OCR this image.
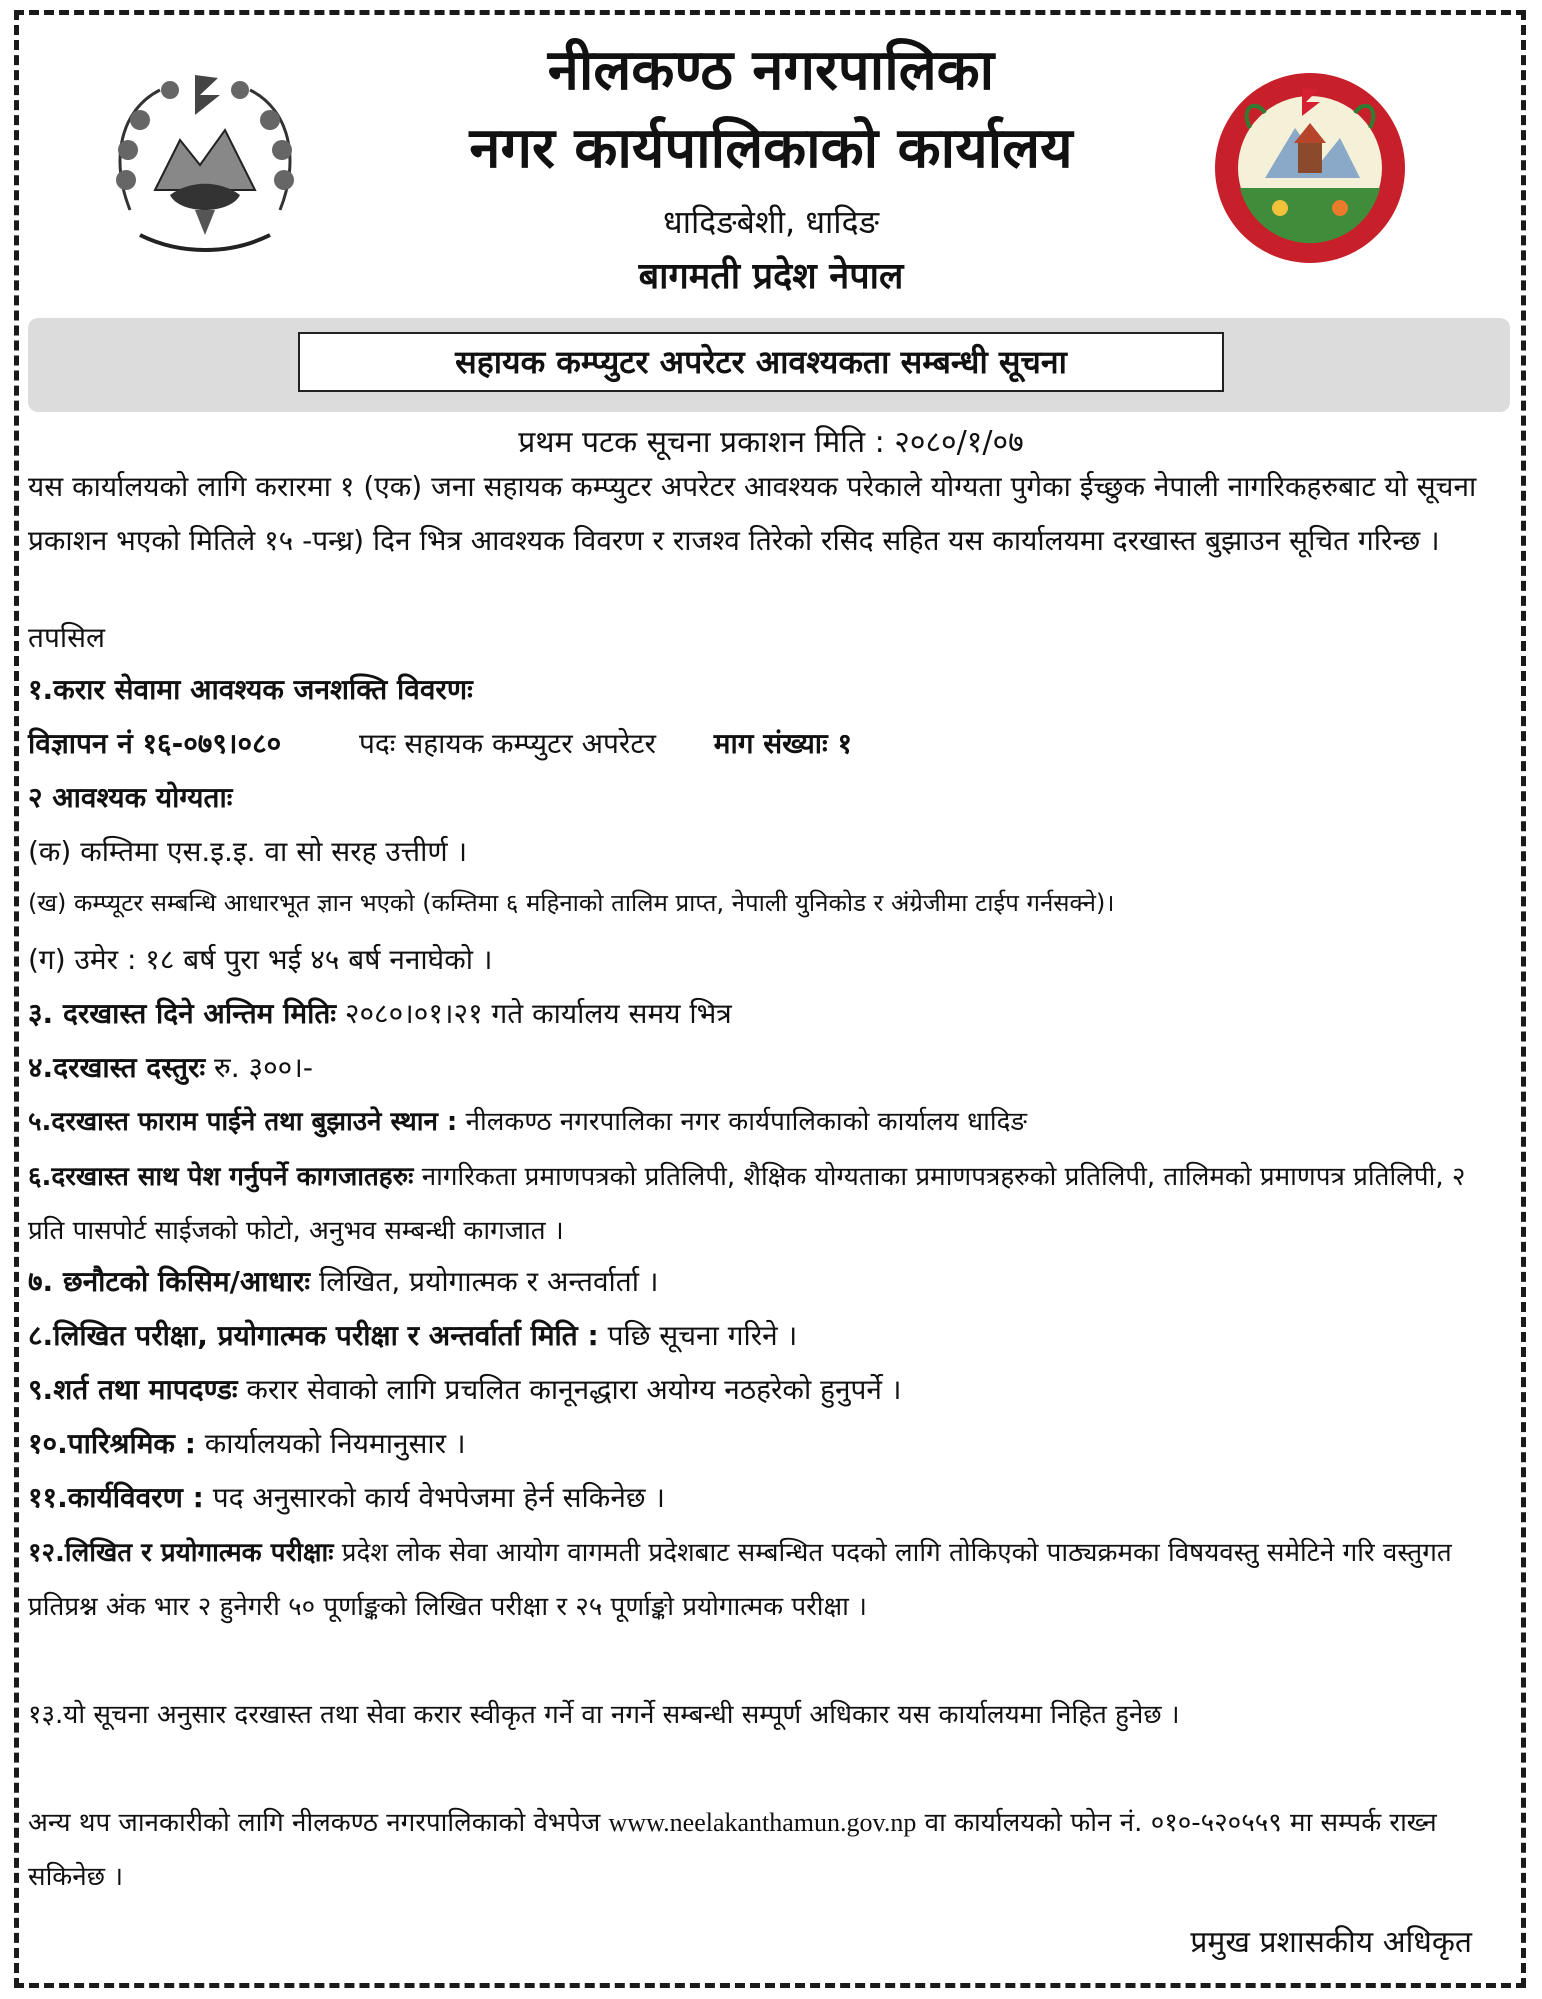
नीलकण्ठ नगरपालिका
नगर कार्यपालिकाको कार्यालय
धादिङबेशी, धादिङ
बागमती प्रदेश नेपाल
सहायक कम्प्युटर अपरेटर आवश्यकता सम्बन्धी सूचना
प्रथम पटक सूचना प्रकाशन मिति : २०८०/१/०७
यस कार्यालयको लागि करारमा १ (एक) जना सहायक कम्प्युटर अपरेटर आवश्यक परेकाले योग्यता पुगेका ईच्छुक नेपाली नागरिकहरुबाट यो सूचना प्रकाशन भएको मितिले १५ -पन्ध्र) दिन भित्र आवश्यक विवरण र राजश्व तिरेको रसिद सहित यस कार्यालयमा दरखास्त बुझाउन सूचित गरिन्छ ।
तपसिल
१.करार सेवामा आवश्यक जनशक्ति विवरणः
विज्ञापन नं १६-०७९।०८०	पदः सहायक कम्प्युटर अपरेटर माग संख्याः १
२ आवश्यक योग्यताः
(क) कम्तिमा एस.इ.इ. वा सो सरह उत्तीर्ण ।
(ख) कम्प्यूटर सम्बन्धि आधारभूत ज्ञान भएको (कम्तिमा ६ महिनाको तालिम प्राप्त, नेपाली युनिकोड र अंग्रेजीमा टाईप गर्नसक्ने)।
(ग) उमेर : १८ बर्ष पुरा भई ४५ बर्ष ननाघेको ।
३. दरखास्त दिने अन्तिम मितिः २०८०।०१।२१ गते कार्यालय समय भित्र
४.दरखास्त दस्तुरः रु. ३००।-
५.दरखास्त फाराम पाईने तथा बुझाउने स्थान : नीलकण्ठ नगरपालिका नगर कार्यपालिकाको कार्यालय धादिङ
६.दरखास्त साथ पेश गर्नुपर्ने कागजातहरुः नागरिकता प्रमाणपत्रको प्रतिलिपी, शैक्षिक योग्यताका प्रमाणपत्रहरुको प्रतिलिपी, तालिमको प्रमाणपत्र प्रतिलिपी, २ प्रति पासपोर्ट साईजको फोटो, अनुभव सम्बन्धी कागजात ।
७. छनौटको किसिम/आधारः लिखित, प्रयोगात्मक र अन्तर्वार्ता ।
८.लिखित परीक्षा, प्रयोगात्मक परीक्षा र अन्तर्वार्ता मिति : पछि सूचना गरिने ।
९.शर्त तथा मापदण्डः करार सेवाको लागि प्रचलित कानूनद्धारा अयोग्य नठहरेको हुनुपर्ने ।
१०.पारिश्रमिक : कार्यालयको नियमानुसार ।
११.कार्यविवरण : पद अनुसारको कार्य वेभपेजमा हेर्न सकिनेछ ।
१२.लिखित र प्रयोगात्मक परीक्षाः प्रदेश लोक सेवा आयोग वागमती प्रदेशबाट सम्बन्धित पदको लागि तोकिएको पाठ्यक्रमका विषयवस्तु समेटिने गरि वस्तुगत प्रतिप्रश्न अंक भार २ हुनेगरी ५० पूर्णाङ्कको लिखित परीक्षा र २५ पूर्णाङ्को प्रयोगात्मक परीक्षा ।
१३.यो सूचना अनुसार दरखास्त तथा सेवा करार स्वीकृत गर्ने वा नगर्ने सम्बन्धी सम्पूर्ण अधिकार यस कार्यालयमा निहित हुनेछ ।
अन्य थप जानकारीको लागि नीलकण्ठ नगरपालिकाको वेभपेज www.neelakanthamun.gov.np वा कार्यालयको फोन नं. ०१०-५२०५५९ मा सम्पर्क राख्न सकिनेछ ।
प्रमुख प्रशासकीय अधिकृत
